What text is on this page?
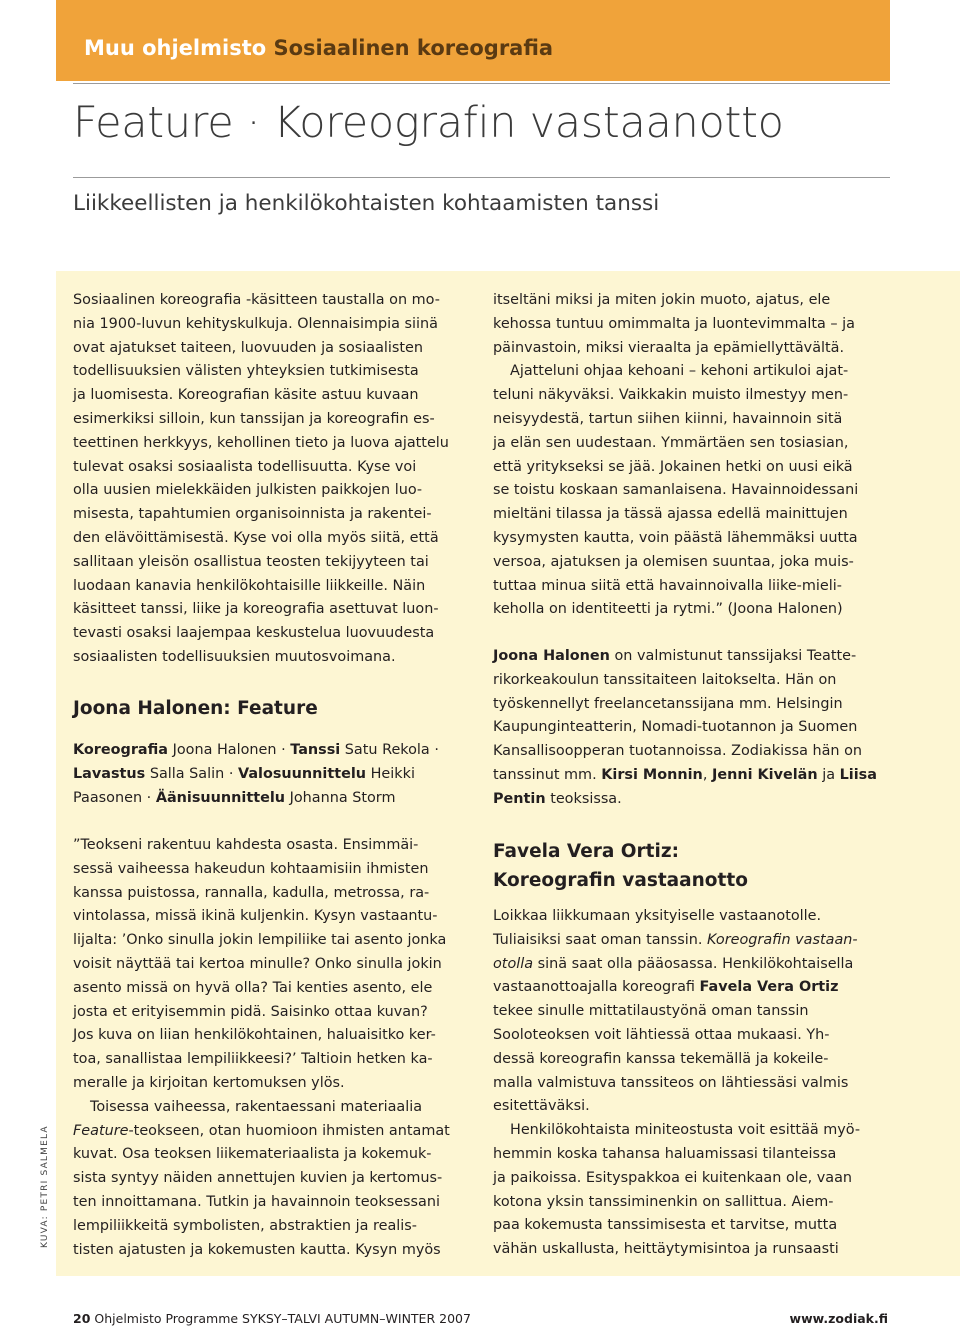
Muu ohjelmisto Sosiaalinen koreografia
Feature · Koreografin vastaanotto
Liikkeellisten ja henkilökohtaisten kohtaamisten tanssi

Sosiaalinen koreografia -käsitteen taustalla on mo-

nia 1900-luvun kehityskulkuja. Olennaisimpia siinä

ovat ajatukset taiteen, luovuuden ja sosiaalisten

todellisuuksien välisten yhteyksien tutkimisesta

ja luomisesta. Koreografian käsite astuu kuvaan

esimerkiksi silloin, kun tanssijan ja koreografin es-

teettinen herkkyys, kehollinen tieto ja luova ajattelu

tulevat osaksi sosiaalista todellisuutta. Kyse voi

olla uusien mielekkäiden julkisten paikkojen luo-

misesta, tapahtumien organisoinnista ja rakentei-

den elävöittämisestä. Kyse voi olla myös siitä, että

sallitaan yleisön osallistua teosten tekijyyteen tai

luodaan kanavia henkilökohtaisille liikkeille. Näin

käsitteet tanssi, liike ja koreografia asettuvat luon-

tevasti osaksi laajempaa keskustelua luovuudesta

sosiaalisten todellisuuksien muutosvoimana.

Joona Halonen: Feature

Koreografia Joona Halonen · Tanssi Satu Rekola ·

Lavastus Salla Salin · Valosuunnittelu Heikki

Paasonen · Äänisuunnittelu Johanna Storm

”Teokseni rakentuu kahdesta osasta. Ensimmäi-

sessä vaiheessa hakeudun kohtaamisiin ihmisten

kanssa puistossa, rannalla, kadulla, metrossa, ra-

vintolassa, missä ikinä kuljenkin. Kysyn vastaantu-

lijalta: ’Onko sinulla jokin lempiliike tai asento jonka

voisit näyttää tai kertoa minulle? Onko sinulla jokin

asento missä on hyvä olla? Tai kenties asento, ele

josta et erityisemmin pidä. Saisinko ottaa kuvan?

Jos kuva on liian henkilökohtainen, haluaisitko ker-

toa, sanallistaa lempiliikkeesi?’ Taltioin hetken ka-

meralle ja kirjoitan kertomuksen ylös.

Toisessa vaiheessa, rakentaessani materiaalia

Feature-teokseen, otan huomioon ihmisten antamat

kuvat. Osa teoksen liikemateriaalista ja kokemuk-

sista syntyy näiden annettujen kuvien ja kertomus-

ten innoittamana. Tutkin ja havainnoin teoksessani

lempiliikkeitä symbolisten, abstraktien ja realis-

tisten ajatusten ja kokemusten kautta. Kysyn myös

itseltäni miksi ja miten jokin muoto, ajatus, ele

kehossa tuntuu omimmalta ja luontevimmalta – ja

päinvastoin, miksi vieraalta ja epämiellyttävältä.

Ajatteluni ohjaa kehoani – kehoni artikuloi ajat-

teluni näkyväksi. Vaikkakin muisto ilmestyy men-

neisyydestä, tartun siihen kiinni, havainnoin sitä

ja elän sen uudestaan. Ymmärtäen sen tosiasian,

että yritykseksi se jää. Jokainen hetki on uusi eikä

se toistu koskaan samanlaisena. Havainnoidessani

mieltäni tilassa ja tässä ajassa edellä mainittujen

kysymysten kautta, voin päästä lähemmäksi uutta

versoa, ajatuksen ja olemisen suuntaa, joka muis-

tuttaa minua siitä että havainnoivalla liike-mieli-

keholla on identiteetti ja rytmi.” (Joona Halonen)

Joona Halonen on valmistunut tanssijaksi Teatte-

rikorkeakoulun tanssitaiteen laitokselta. Hän on

työskennellyt freelancetanssijana mm. Helsingin

Kaupunginteatterin, Nomadi-tuotannon ja Suomen

Kansallisoopperan tuotannoissa. Zodiakissa hän on

tanssinut mm. Kirsi Monnin, Jenni Kivelän ja Liisa

Pentin teoksissa.

Favela Vera Ortiz:
Koreografin vastaanotto

Loikkaa liikkumaan yksityiselle vastaanotolle.

Tuliaisiksi saat oman tanssin. Koreografin vastaan-

otolla sinä saat olla pääosassa. Henkilökohtaisella

vastaanottoajalla koreografi Favela Vera Ortiz

tekee sinulle mittatilaustyönä oman tanssin

Sooloteoksen voit lähtiessä ottaa mukaasi. Yh-

dessä koreografin kanssa tekemällä ja kokeile-

malla valmistuva tanssiteos on lähtiessäsi valmis

esitettäväksi.

Henkilökohtaista miniteostusta voit esittää myö-

hemmin koska tahansa haluamissasi tilanteissa

ja paikoissa. Esityspakkoa ei kuitenkaan ole, vaan

kotona yksin tanssiminenkin on sallittua. Aiem-

paa kokemusta tanssimisesta et tarvitse, mutta

vähän uskallusta, heittäytymisintoa ja runsaasti

KUVA: PETRI SALMELA
20 Ohjelmisto Programme SYKSY–TALVI AUTUMN–WINTER 2007	www.zodiak.fi
